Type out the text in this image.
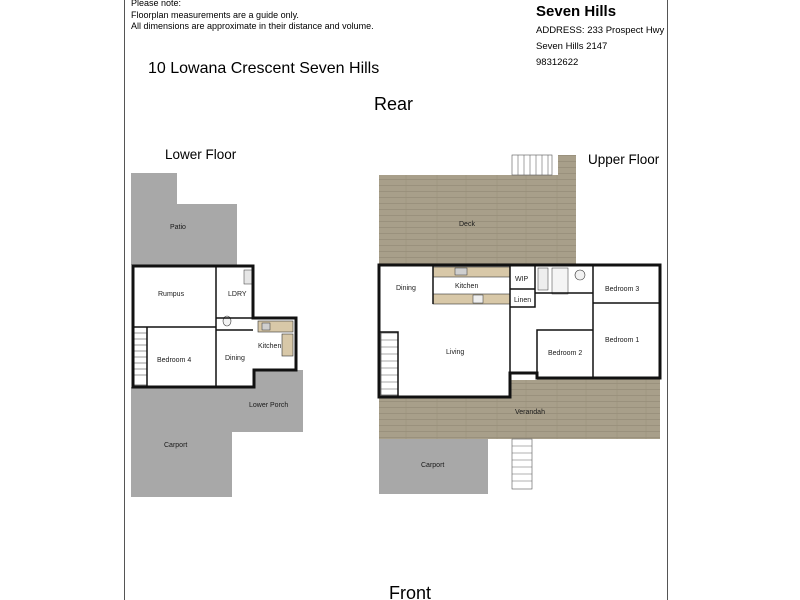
Please note:
Floorplan measurements are a guide only.
All dimensions are approximate in their distance and volume.
Seven Hills
ADDRESS: 233 Prospect Hwy
Seven Hills 2147
98312622
10 Lowana Crescent Seven Hills
Rear
Lower Floor	Upper Floor
Front
Patio
Rumpus	LDRY
Bedroom 4	Dining
Kitchen
Lower Porch
Carport
Deck
Dining	Kitchen
WIP
Linen
Bedroom 3
Bedroom 1
Bedroom 2
Living
Verandah
Carport
